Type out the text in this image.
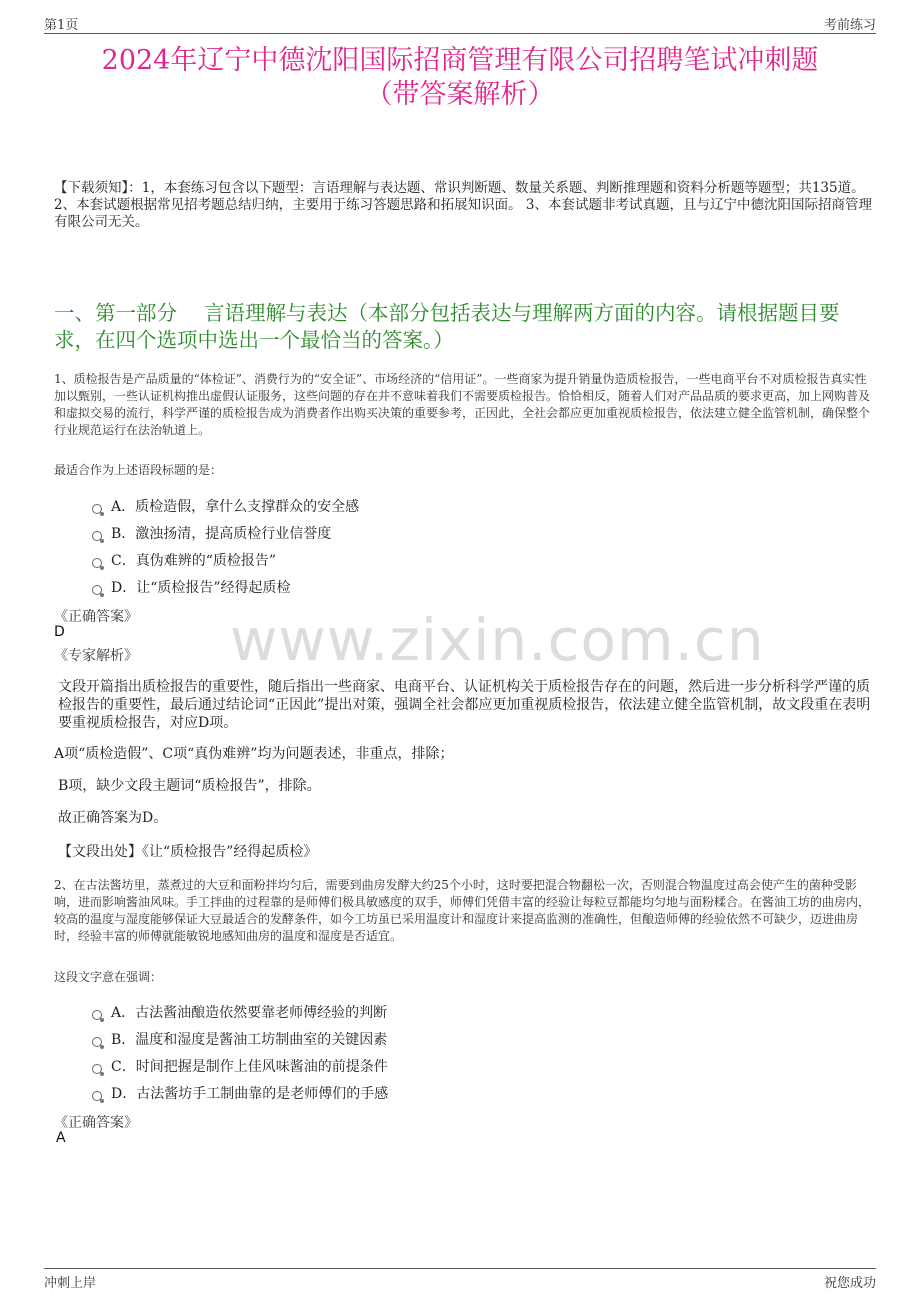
第1页	考前练习
2024年辽宁中德沈阳国际招商管理有限公司招聘笔试冲刺题
（带答案解析）
【下载须知】：1，本套练习包含以下题型：言语理解与表达题、常识判断题、数量关系题、判断推理题和资料分析题等题型；共135道。 2、本套试题根据常见招考题总结归纳，主要用于练习答题思路和拓展知识面。 3、本套试题非考试真题，且与辽宁中德沈阳国际招商管理有限公司无关。
一、第一部分　 言语理解与表达（本部分包括表达与理解两方面的内容。请根据题目要求，在四个选项中选出一个最恰当的答案。）
1、质检报告是产品质量的“体检证”、消费行为的“安全证”、市场经济的“信用证”。一些商家为提升销量伪造质检报告，一些电商平台不对质检报告真实性加以甄别，一些认证机构推出虚假认证服务，这些问题的存在并不意味着我们不需要质检报告。恰恰相反，随着人们对产品品质的要求更高，加上网购普及和虚拟交易的流行，科学严谨的质检报告成为消费者作出购买决策的重要参考，正因此，全社会都应更加重视质检报告，依法建立健全监管机制，确保整个行业规范运行在法治轨道上。
最适合作为上述语段标题的是：
A．质检造假，拿什么支撑群众的安全感
B．激浊扬清，提高质检行业信誉度
C．真伪难辨的“质检报告”
D．让“质检报告”经得起质检
《正确答案》
D
《专家解析》 www.zixin.com.cn
文段开篇指出质检报告的重要性，随后指出一些商家、电商平台、认证机构关于质检报告存在的问题，然后进一步分析科学严谨的质检报告的重要性，最后通过结论词“正因此”提出对策，强调全社会都应更加重视质检报告，依法建立健全监管机制，故文段重在表明要重视质检报告，对应D项。
A项“质检造假”、C项“真伪难辨”均为问题表述，非重点，排除；
B项，缺少文段主题词“质检报告”，排除。
故正确答案为D。
【文段出处】《让“质检报告”经得起质检》
2、在古法酱坊里，蒸煮过的大豆和面粉拌均匀后，需要到曲房发酵大约25个小时，这时要把混合物翻松一次，否则混合物温度过高会使产生的菌种受影响，进而影响酱油风味。手工拌曲的过程靠的是师傅们极具敏感度的双手，师傅们凭借丰富的经验让每粒豆都能均匀地与面粉糅合。在酱油工坊的曲房内，较高的温度与湿度能够保证大豆最适合的发酵条件，如今工坊虽已采用温度计和湿度计来提高监测的准确性，但酿造师傅的经验依然不可缺少，迈进曲房时，经验丰富的师傅就能敏锐地感知曲房的温度和湿度是否适宜。
这段文字意在强调：
A．古法酱油酿造依然要靠老师傅经验的判断
B．温度和湿度是酱油工坊制曲室的关键因素
C．时间把握是制作上佳风味酱油的前提条件
D．古法酱坊手工制曲靠的是老师傅们的手感
《正确答案》
A
冲刺上岸	祝您成功
